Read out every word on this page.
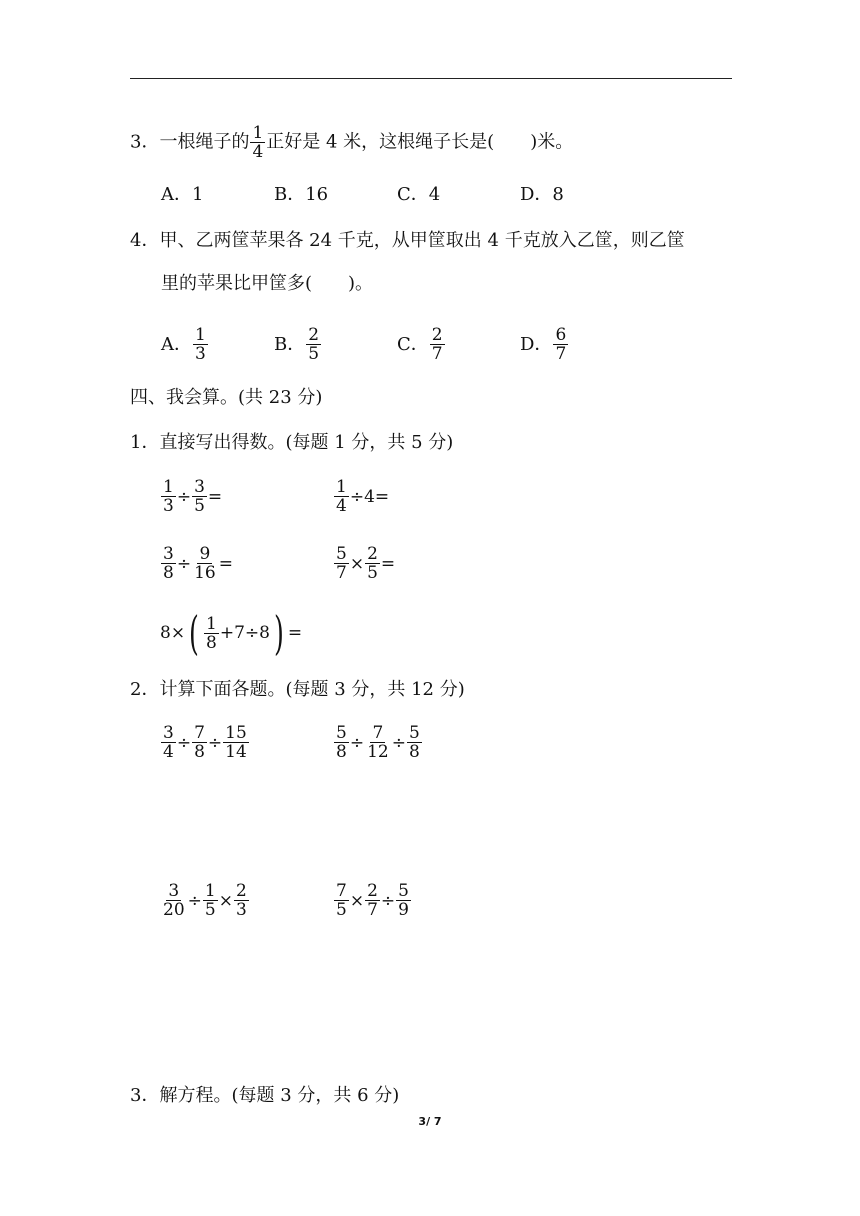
3．一根绳子的 $\frac{1}{4}$ 正好是 4 米，这根绳子长是(　　 )米。
A．1	B．16	C．4	D．8
4．甲、乙两筐苹果各 24 千克，从甲筐取出 4 千克放入乙筐，则乙筐
里的苹果比甲筐多(　　)。
A． $\frac{1}{3}$	B． $\frac{2}{5}$	C． $\frac{2}{7}$	D． $\frac{6}{7}$
四、我会算。(共 23 分)
1．直接写出得数。(每题 1 分，共 5 分)
$\frac{1}{3} \div \frac{3}{5}$ =	$\frac{1}{4} \div 4=$
$\frac{3}{8} \div \frac{9}{16}$ =	$\frac{5}{7} \times \frac{2}{5}$ =
8× ( $\frac{1}{8} +7\div 8$ ) =
2．计算下面各题。(每题 3 分，共 12 分)
$\frac{3}{4} \div \frac{7}{8} \div \frac{15}{14}$	$\frac{5}{8} \div \frac{7}{12} \div \frac{5}{8}$
$\frac{3}{20} \div \frac{1}{5} \times \frac{2}{3}$	$\frac{7}{5} \times \frac{2}{7} \div \frac{5}{9}$
3．解方程。(每题 3 分，共 6 分)
3/ 7
